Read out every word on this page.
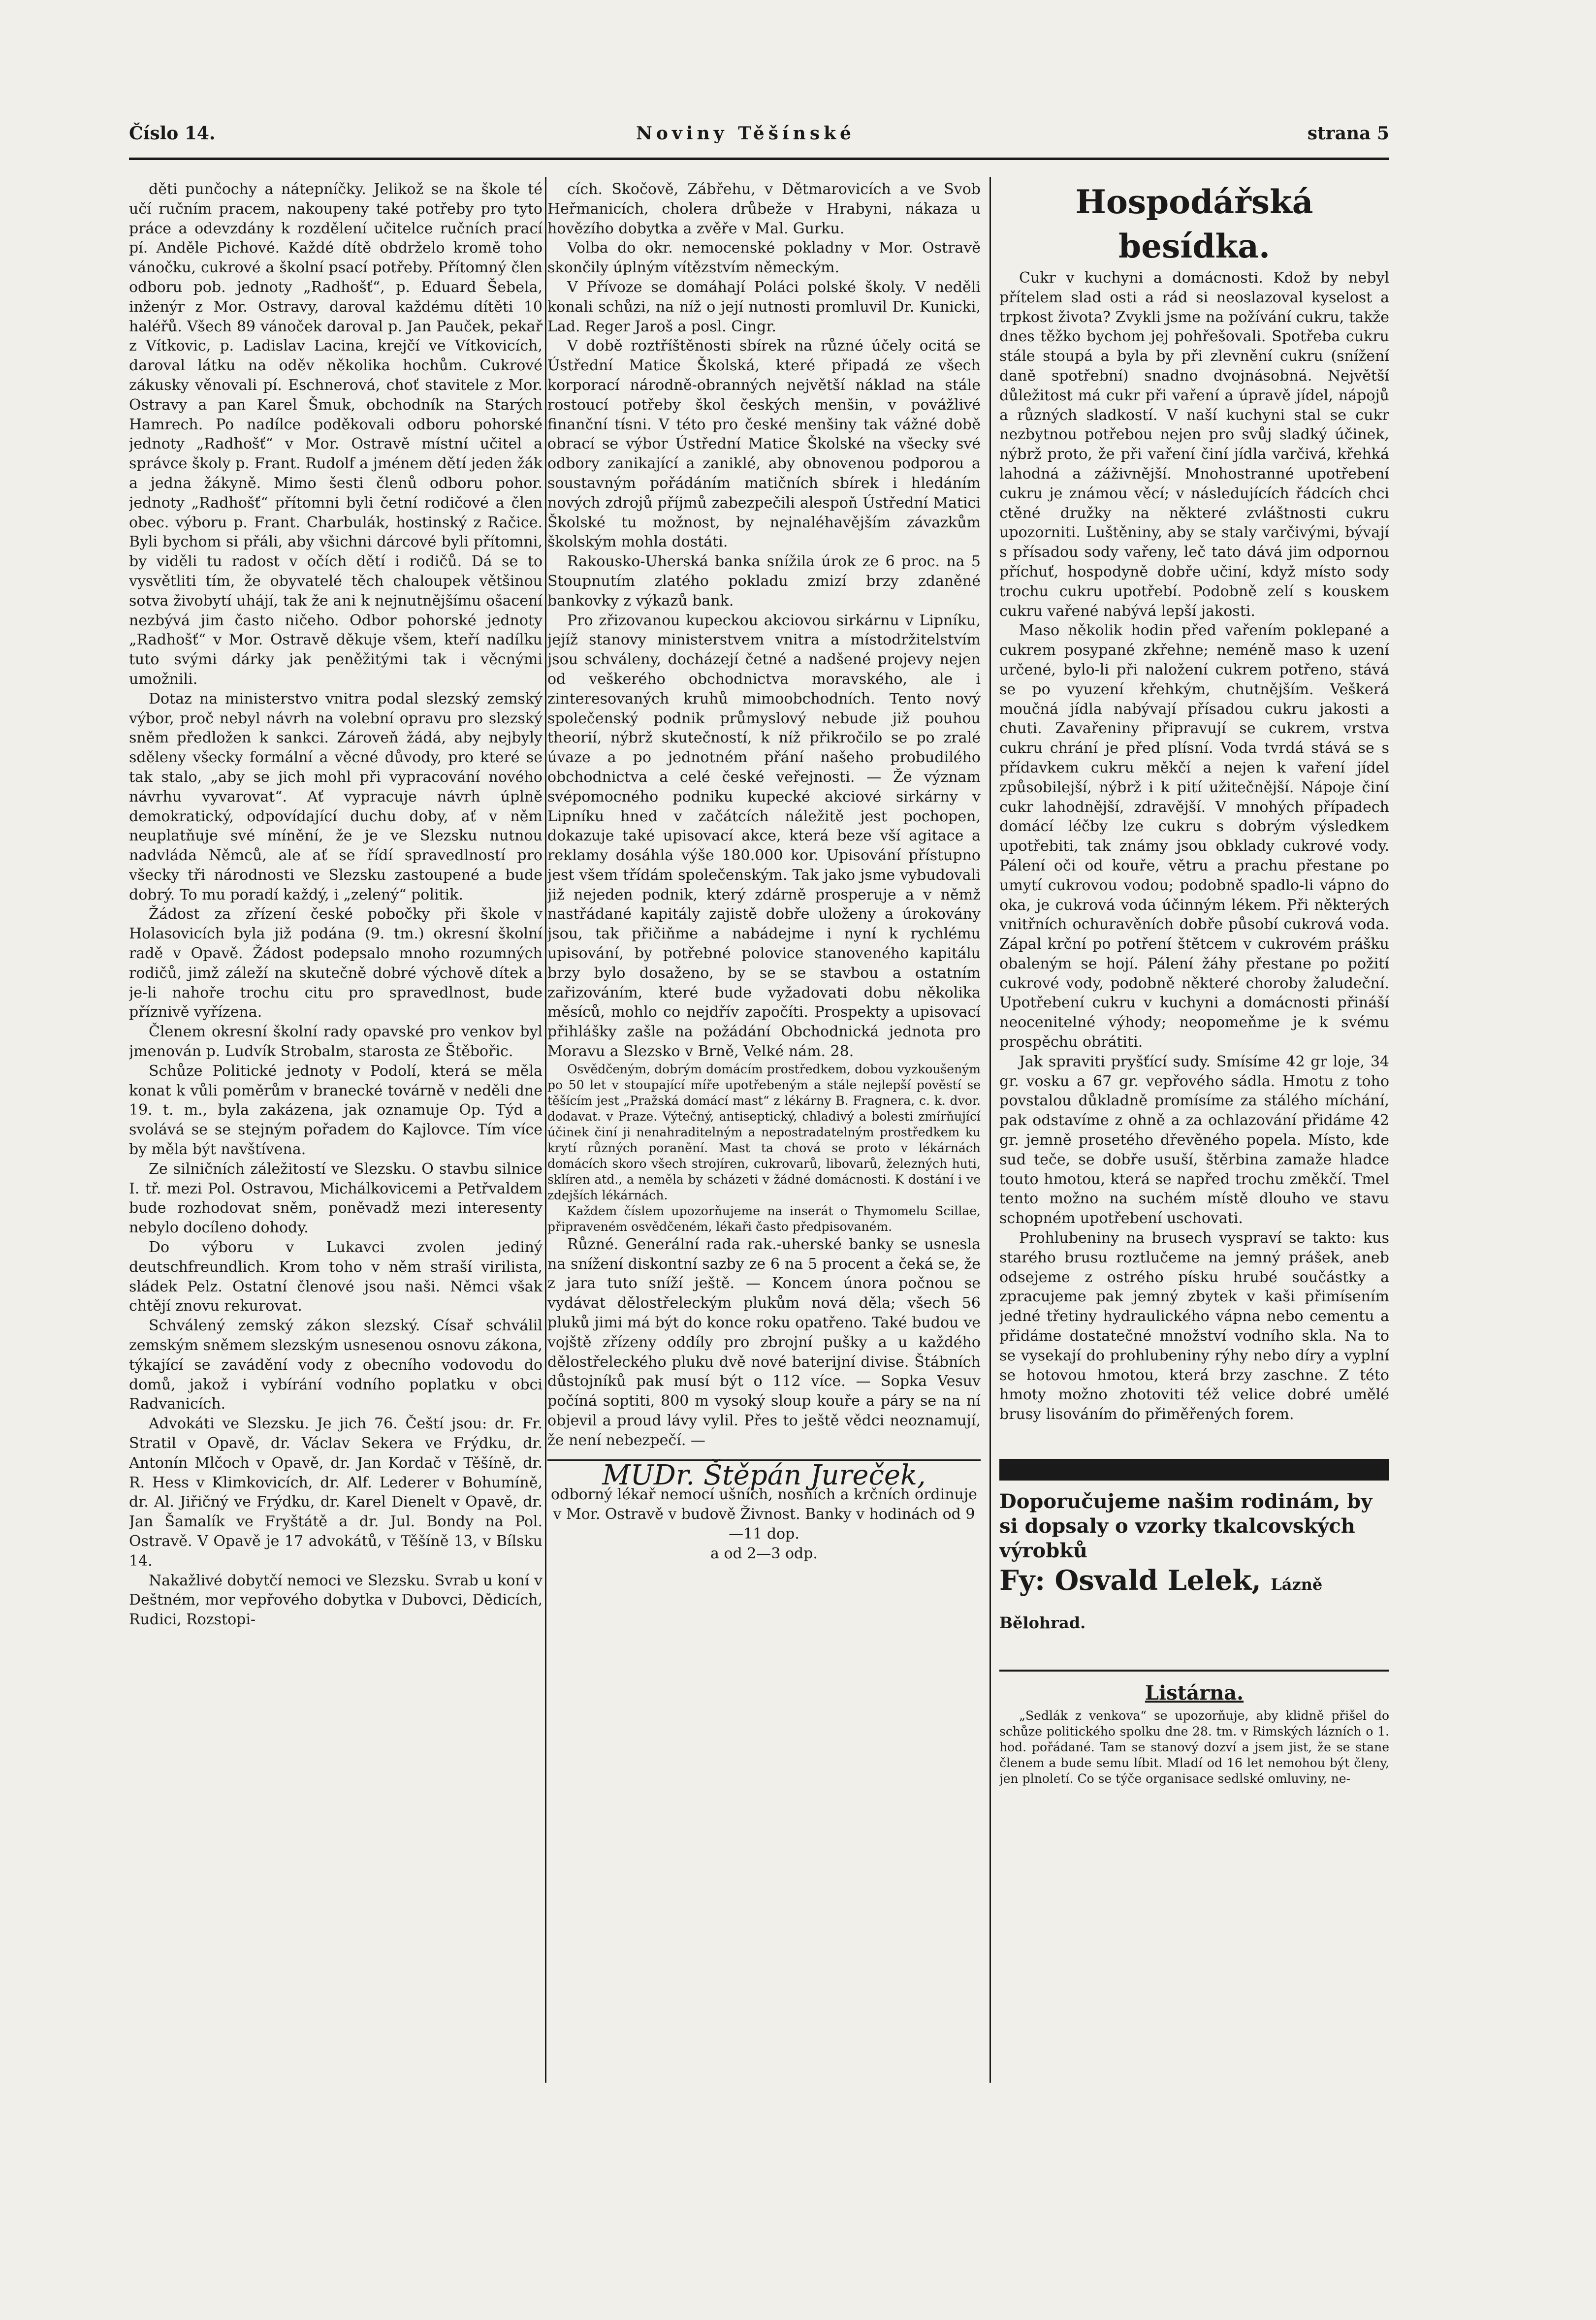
Číslo 14.	Noviny Těšínské	strana 5

děti punčochy a nátepníčky. Jelikož se na škole té učí ručním pracem, nakoupeny také potřeby pro tyto práce a odevzdány k rozdělení učitelce ručních prací pí. Anděle Pichové. Každé dítě obdrželo kromě toho vánočku, cukrové a školní psací potřeby. Přítomný člen odboru pob. jednoty „Radhošť“, p. Eduard Šebela, inženýr z Mor. Ostravy, daroval každému dítěti 10 haléřů. Všech 89 vánoček daroval p. Jan Pauček, pekař z Vítkovic, p. Ladislav Lacina, krejčí ve Vítkovicích, daroval látku na oděv několika hochům. Cukrové zákusky věnovali pí. Eschnerová, choť stavitele z Mor. Ostravy a pan Karel Šmuk, obchodník na Starých Hamrech. Po nadílce poděkovali odboru pohorské jednoty „Radhošť“ v Mor. Ostravě místní učitel a správce školy p. Frant. Rudolf a jménem dětí jeden žák a jedna žákyně. Mimo šesti členů odboru pohor. jednoty „Radhošť“ přítomni byli četní rodičové a člen obec. výboru p. Frant. Charbulák, hostinský z Račice. Byli bychom si přáli, aby všichni dárcové byli přítomni, by viděli tu radost v očích dětí i rodičů. Dá se to vysvětliti tím, že obyvatelé těch chaloupek většinou sotva živobytí uhájí, tak že ani k nejnutnějšímu ošacení nezbývá jim často ničeho. Odbor pohorské jednoty „Radhošť“ v Mor. Ostravě děkuje všem, kteří nadílku tuto svými dárky jak peněžitými tak i věcnými umožnili.

Dotaz na ministerstvo vnitra podal slezský zemský výbor, proč nebyl návrh na volební opravu pro slezský sněm předložen k sankci. Zároveň žádá, aby nejbyly sděleny všecky formální a věcné důvody, pro které se tak stalo, „aby se jich mohl při vypracování nového návrhu vyvarovat“. Ať vypracuje návrh úplně demokratický, odpovídající duchu doby, ať v něm neuplatňuje své mínění, že je ve Slezsku nutnou nadvláda Němců, ale ať se řídí spravedlností pro všecky tři národnosti ve Slezsku zastoupené a bude dobrý. To mu poradí každý, i „zelený“ politik.

Žádost za zřízení české pobočky při škole v Holasovicích byla již podána (9. tm.) okresní školní radě v Opavě. Žádost podepsalo mnoho rozumných rodičů, jimž záleží na skutečně dobré výchově dítek a je-li nahoře trochu citu pro spravedlnost, bude příznivě vyřízena.

Členem okresní školní rady opavské pro venkov byl jmenován p. Ludvík Strobalm, starosta ze Štěbořic.

Schůze Politické jednoty v Podolí, která se měla konat k vůli poměrům v branecké továrně v neděli dne 19. t. m., byla zakázena, jak oznamuje Op. Týd a svolává se se stejným pořadem do Kajlovce. Tím více by měla být navštívena.

Ze silničních záležitostí ve Slezsku. O stavbu silnice I. tř. mezi Pol. Ostravou, Michálkovicemi a Petřvaldem bude rozhodovat sněm, poněvadž mezi interesenty nebylo docíleno dohody.

Do výboru v Lukavci zvolen jediný deutschfreundlich. Krom toho v něm straší virilista, sládek Pelz. Ostatní členové jsou naši. Němci však chtějí znovu rekurovat.

Schválený zemský zákon slezský. Císař schválil zemským sněmem slezským usnesenou osnovu zákona, týkající se zavádění vody z obecního vodovodu do domů, jakož i vybírání vodního poplatku v obci Radvanicích.

Advokáti ve Slezsku. Je jich 76. Čeští jsou: dr. Fr. Stratil v Opavě, dr. Václav Sekera ve Frýdku, dr. Antonín Mlčoch v Opavě, dr. Jan Kordač v Těšíně, dr. R. Hess v Klimkovicích, dr. Alf. Lederer v Bohumíně, dr. Al. Jiřičný ve Frýdku, dr. Karel Dienelt v Opavě, dr. Jan Šamalík ve Fryštátě a dr. Jul. Bondy na Pol. Ostravě. V Opavě je 17 advokátů, v Těšíně 13, v Bílsku 14.

Nakažlivé dobytčí nemoci ve Slezsku. Svrab u koní v Deštném, mor vepřového dobytka v Dubovci, Dědicích, Rudici, Rozstopi-

cích. Skočově, Zábřehu, v Dětmarovicích a ve Svob Heřmanicích, cholera drůbeže v Hrabyni, nákaza u hovězího dobytka a zvěře v Mal. Gurku.

Volba do okr. nemocenské pokladny v Mor. Ostravě skončily úplným vítězstvím německým.

V Přívoze se domáhají Poláci polské školy. V neděli konali schůzi, na níž o její nutnosti promluvil Dr. Kunicki, Lad. Reger Jaroš a posl. Cingr.

V době roztříštěnosti sbírek na různé účely ocitá se Ústřední Matice Školská, které připadá ze všech korporací národně-obranných největší náklad na stále rostoucí potřeby škol českých menšin, v povážlivé finanční tísni. V této pro české menšiny tak vážné době obrací se výbor Ústřední Matice Školské na všecky své odbory zanikající a zaniklé, aby obnovenou podporou a soustavným pořádáním matičních sbírek i hledáním nových zdrojů příjmů zabezpečili alespoň Ústřední Matici Školské tu možnost, by nejnaléhavějším závazkům školským mohla dostáti.

Rakousko-Uherská banka snížila úrok ze 6 proc. na 5 Stoupnutím zlatého pokladu zmizí brzy zdaněné bankovky z výkazů bank.

Pro zřizovanou kupeckou akciovou sirkárnu v Lipníku, jejíž stanovy ministerstvem vnitra a místodržitelstvím jsou schváleny, docházejí četné a nadšené projevy nejen od veškerého obchodnictva moravského, ale i zinteresovaných kruhů mimoobchodních. Tento nový společenský podnik průmyslový nebude již pouhou theorií, nýbrž skutečností, k níž přikročilo se po zralé úvaze a po jednotném přání našeho probudilého obchodnictva a celé české veřejnosti. — Že význam svépomocného podniku kupecké akciové sirkárny v Lipníku hned v začátcích náležitě jest pochopen, dokazuje také upisovací akce, která beze vší agitace a reklamy dosáhla výše 180.000 kor. Upisování přístupno jest všem třídám společenským. Tak jako jsme vybudovali již nejeden podnik, který zdárně prosperuje a v němž nastřádané kapitály zajistě dobře uloženy a úrokovány jsou, tak přičiňme a nabádejme i nyní k rychlému upisování, by potřebné polovice stanoveného kapitálu brzy bylo dosaženo, by se se stavbou a ostatním zařizováním, které bude vyžadovati dobu několika měsíců, mohlo co nejdřív započíti. Prospekty a upisovací přihlášky zašle na požádání Obchodnická jednota pro Moravu a Slezsko v Brně, Velké nám. 28.

Osvědčeným, dobrým domácím prostředkem, dobou vyzkoušeným po 50 let v stoupající míře upotřebeným a stále nejlepší pověstí se těšícím jest „Pražská domácí mast“ z lékárny B. Fragnera, c. k. dvor. dodavat. v Praze. Výtečný, antiseptický, chladivý a bolesti zmírňující účinek činí ji nenahraditelným a nepostradatelným prostředkem ku krytí různých poranění. Mast ta chová se proto v lékárnách domácích skoro všech strojíren, cukrovarů, libovarů, železných huti, sklíren atd., a neměla by scházeti v žádné domácnosti. K dostání i ve zdejších lékárnách.

Každem číslem upozorňujeme na inserát o Thymomelu Scillae, připraveném osvědčeném, lékaři často předpisovaném.

Různé. Generální rada rak.-uherské banky se usnesla na snížení diskontní sazby ze 6 na 5 procent a čeká se, že z jara tuto sníží ještě. — Koncem února počnou se vydávat dělostřeleckým plukům nová děla; všech 56 pluků jimi má být do konce roku opatřeno. Také budou ve vojště zřízeny oddíly pro zbrojní pušky a u každého dělostřeleckého pluku dvě nové baterijní divise. Štábních důstojníků pak musí být o 112 více. — Sopka Vesuv počíná soptiti, 800 m vysoký sloup kouře a páry se na ní objevil a proud lávy vylil. Přes to ještě vědci neoznamují, že není nebezpečí. —

MUDr. Štěpán Jureček,

odborný lékař nemocí ušních, nosních a krčních ordinuje v Mor. Ostravě v budově Živnost. Banky v hodinách od 9—11 dop.

a od 2—3 odp.

Hospodářská besídka.

Cukr v kuchyni a domácnosti. Kdož by nebyl přítelem slad osti a rád si neoslazoval kyselost a trpkost života? Zvykli jsme na požívání cukru, takže dnes těžko bychom jej pohřešovali. Spotřeba cukru stále stoupá a byla by při zlevnění cukru (snížení daně spotřební) snadno dvojnásobná. Největší důležitost má cukr při vaření a úpravě jídel, nápojů a různých sladkostí. V naší kuchyni stal se cukr nezbytnou potřebou nejen pro svůj sladký účinek, nýbrž proto, že při vaření činí jídla varčivá, křehká lahodná a záživnější. Mnohostranné upotřebení cukru je známou věcí; v následujících řádcích chci ctěné družky na některé zvláštnosti cukru upozorniti. Luštěniny, aby se staly varčivými, bývají s přísadou sody vařeny, leč tato dává jim odpornou příchuť, hospodyně dobře učiní, když místo sody trochu cukru upotřebí. Podobně zelí s kouskem cukru vařené nabývá lepší jakosti.

Maso několik hodin před vařením poklepané a cukrem posypané zkřehne; neméně maso k uzení určené, bylo-li při naložení cukrem potřeno, stává se po vyuzení křehkým, chutnějším. Veškerá moučná jídla nabývají přísadou cukru jakosti a chuti. Zavařeniny připravují se cukrem, vrstva cukru chrání je před plísní. Voda tvrdá stává se s přídavkem cukru měkčí a nejen k vaření jídel způsobilejší, nýbrž i k pití užitečnější. Nápoje činí cukr lahodnější, zdravější. V mnohých případech domácí léčby lze cukru s dobrým výsledkem upotřebiti, tak známy jsou obklady cukrové vody. Pálení oči od kouře, větru a prachu přestane po umytí cukrovou vodou; podobně spadlo-li vápno do oka, je cukrová voda účinným lékem. Při některých vnitřních ochuravěních dobře působí cukrová voda. Zápal krční po potření štětcem v cukrovém prášku obaleným se hojí. Pálení žáhy přestane po požití cukrové vody, podobně některé choroby žaludeční. Upotřebení cukru v kuchyni a domácnosti přináší neocenitelné výhody; neopomeňme je k svému prospěchu obrátiti.

Jak spraviti pryšťící sudy. Smísíme 42 gr loje, 34 gr. vosku a 67 gr. vepřového sádla. Hmotu z toho povstalou důkladně promísíme za stálého míchání, pak odstavíme z ohně a za ochlazování přidáme 42 gr. jemně prosetého dřevěného popela. Místo, kde sud teče, se dobře usuší, štěrbina zamaže hladce touto hmotou, která se napřed trochu změkčí. Tmel tento možno na suchém místě dlouho ve stavu schopném upotřebení uschovati.

Prohlubeniny na brusech vyspraví se takto: kus starého brusu roztlučeme na jemný prášek, aneb odsejeme z ostrého písku hrubé součástky a zpracujeme pak jemný zbytek v kaši přimísením jedné třetiny hydraulického vápna nebo cementu a přidáme dostatečné množství vodního skla. Na to se vysekají do prohlubeniny rýhy nebo díry a vyplní se hotovou hmotou, která brzy zaschne. Z této hmoty možno zhotoviti též velice dobré umělé brusy lisováním do přiměřených forem.

Doporučujeme našim rodinám, by si dopsaly o vzorky tkalcovských výrobků

Fy: Osvald Lelek, Lázně Bělohrad.

Listárna.

„Sedlák z venkova“ se upozorňuje, aby klidně přišel do schůze politického spolku dne 28. tm. v Rimských lázních o 1. hod. pořádané. Tam se stanový dozví a jsem jist, že se stane členem a bude semu líbit. Mladí od 16 let nemohou být členy, jen plnoletí. Co se týče organisace sedlské omluviny, ne-
